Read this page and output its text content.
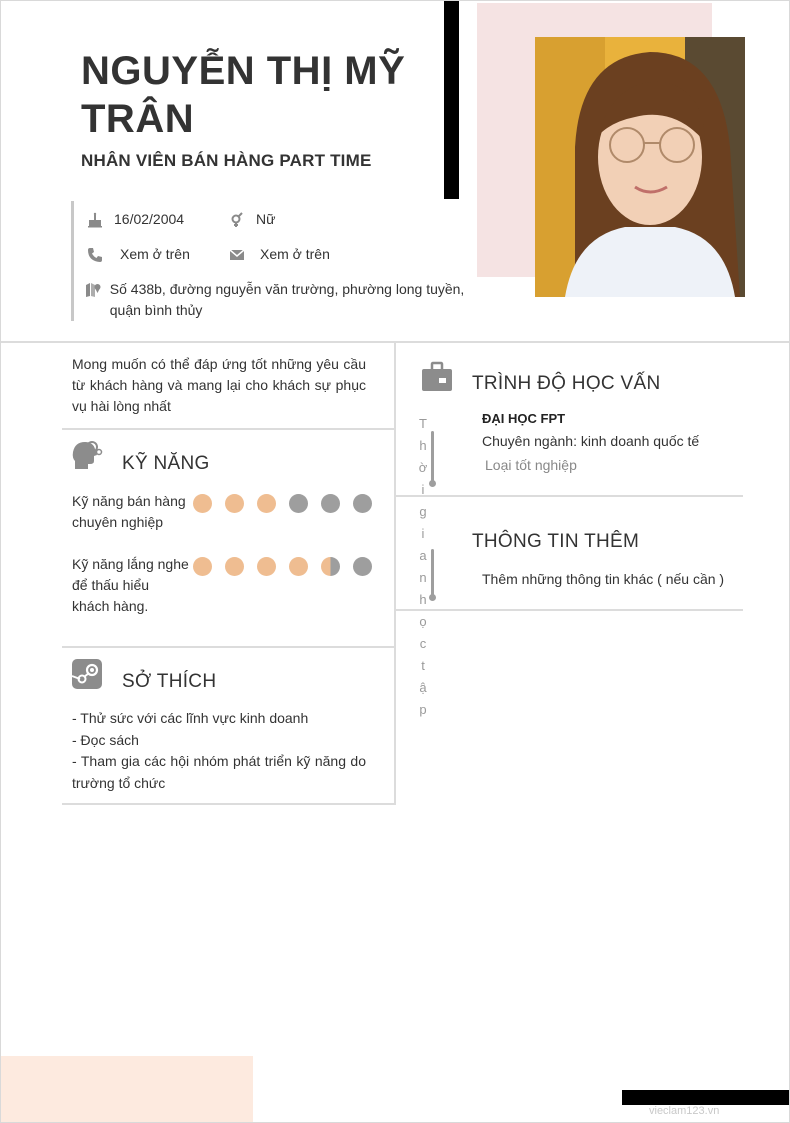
NGUYỄN THỊ MỸ TRÂN
NHÂN VIÊN BÁN HÀNG PART TIME
16/02/2004	Nữ
Xem ở trên	Xem ở trên
Số 438b, đường nguyễn văn trường, phường long tuyền, quận bình thủy
Mong muốn có thể đáp ứng tốt những yêu cầu từ khách hàng và mang lại cho khách sự phục vụ hài lòng nhất
KỸ NĂNG
Kỹ năng bán hàng chuyên nghiệp
Kỹ năng lắng nghe để thấu hiểu khách hàng.
SỞ THÍCH
- Thử sức với các lĩnh vực kinh doanh
- Đọc sách
- Tham gia các hội nhóm phát triển kỹ năng do trường tổ chức
TRÌNH ĐỘ HỌC VẤN
ĐẠI HỌC FPT
Chuyên ngành: kinh doanh quốc tế
Loại tốt nghiệp
T
h
ờ
i
g
i
a
n
h
ọ
c
t
ậ
p
THÔNG TIN THÊM
Thêm những thông tin khác ( nếu cần )
vieclam123.vn
